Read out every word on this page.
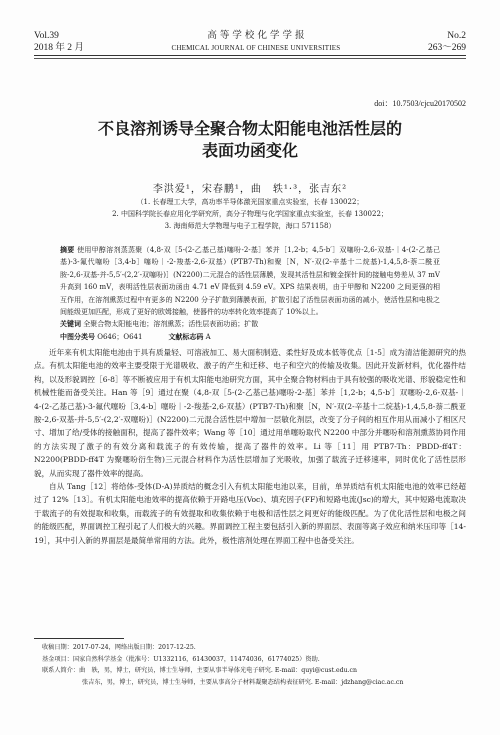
Vol.39
2018 年 2 月
高 等 学 校 化 学 学 报
CHEMICAL JOURNAL OF CHINESE UNIVERSITIES
No.2
263～269
doi：10.7503/cjcu20170502
不良溶剂诱导全聚合物太阳能电池活性层的
表面功函变化
李洪爱¹，宋春鹏¹，曲　轶¹·³，张吉东²
（1. 长春理工大学，高功率半导体激光国家重点实验室，长春 130022；
2. 中国科学院长春应用化学研究所，高分子物理与化学国家重点实验室，长春 130022；
3. 海南师范大学物理与电子工程学院，海口 571158）
摘要 使用甲醇溶剂蒸蒸聚（4,8-双［5-(2-乙基己基)噻吩-2-基］苯并［1,2-b；4,5-b′］双噻吩-2,6-双基-｜4-(2-乙基己基)-3-氟代噻吩［3,4-b］噻吩｜-2-羧基-2,6-双基）(PTB7-Th)和聚［N，N′-双(2-辛基十二烷基)-1,4,5,8-萘二酰亚胺-2,6-双基-并-5,5′-(2,2′-双噻吩)］(N2200)二元混合的活性层薄膜，发现其活性层和镀金探针间的接触电势差从 37 mV 升高到 160 mV，表明活性层表面功函由 4.71 eV 降低到 4.59 eV。XPS 结果表明，由于甲醇和 N2200 之间更强的相互作用，在溶剂熏蒸过程中有更多的 N2200 分子扩散到薄膜表面，扩散引起了活性层表面功函的减小，使活性层和电极之间能级更加匹配，形成了更好的欧姆接触，使器件的功率转化效率提高了 10%以上。
关键词 全聚合物太阳能电池；溶剂熏蒸；活性层表面功函；扩散
中图分类号 O646；O641	文献标志码 A

近年来有机太阳能电池由于具有质量轻、可溶液加工、易大面积制造、柔性好及成本低等优点［1-5］成为清洁能源研究的热点。有机太阳能电池的效率主要受限于光谱吸收、激子的产生和迁移、电子和空穴的传输及收集。因此开发新材料，优化器件结构，以及形貌调控［6-8］等不断被应用于有机太阳能电池研究方面，其中全聚合物材料由于具有较强的吸收光谱、形貌稳定性和机械性能而备受关注。Han 等［9］通过在聚（4,8-双［5-(2-乙基己基)噻吩-2-基］苯并［1,2-b；4,5-b′］双噻吩-2,6-双基-｜4-(2-乙基己基)-3-氟代噻吩［3,4-b］噻吩｜-2-羧基-2,6-双基）(PTB7-Th)和聚［N，N′-双(2-辛基十二烷基)-1,4,5,8-萘二酰亚胺-2,6-双基-并-5,5′-(2,2′-双噻吩)］(N2200)二元混合活性层中增加一层敏化剂层，改变了分子间的相互作用从而减小了相区尺寸、增加了给/受体的接触面积，提高了器件效率；Wang 等［10］通过用单噻吩取代 N2200 中部分并噻吩和溶剂熏蒸协同作用的方法实现了激子的有效分离和载流子的有效传输，提高了器件的效率。Li 等［11］用 PTB7-Th：PBDD-ff4T：N2200(PBDD-ff4T 为聚噻吩衍生物)三元混合材料作为活性层增加了光吸收，加强了载流子迁移速率，同时优化了活性层形貌，从而实现了器件效率的提高。

自从 Tang［12］将给体-受体(D-A)异质结的概念引入有机太阳能电池以来，目前，单异质结有机太阳能电池的效率已经超过了 12%［13］。有机太阳能电池效率的提高依赖于开路电压(Voc)、填充因子(FF)和短路电流(Jsc)的增大，其中短路电流取决于载流子的有效提取和收集，而载流子的有效提取和收集依赖于电极和活性层之间更好的能级匹配。为了优化活性层和电极之间的能级匹配，界面调控工程引起了人们极大的兴趣。界面调控工程主要包括引入新的界面层、表面等离子效应和纳米压印等［14-19］，其中引入新的界面层是最简单常用的方法。此外，极性溶剂处理在界面工程中也备受关注。

收稿日期：2017-07-24，网络出版日期：2017-12-25.
基金项目：国家自然科学基金（批准号：U1332116，61430037，11474036，61774025）资助.
联系人简介：曲　轶，男，博士，研究员，博士生导师，主要从事半导体光电子研究. E-mail：quyi@cust.edu.cn
张吉东，男，博士，研究员，博士生导师，主要从事高分子材料凝聚态结构表征研究. E-mail：jdzhang@ciac.ac.cn
